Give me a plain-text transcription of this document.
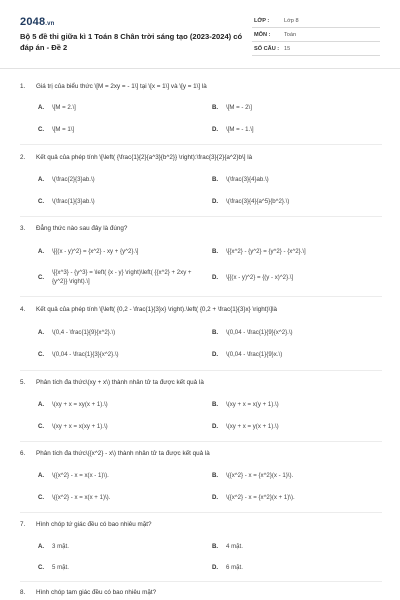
2048.vn
Bộ 5 đề thi giữa kì 1 Toán 8 Chân trời sáng tạo (2023-2024) có đáp án - Đề 2
LỚP :	Lớp 8
MÔN : Toán
SỐ CÂU : 15
1. Giá trị của biểu thức \[M = 2xy = - 1\] tại \[x = 1\] và \[y = 1\] là
A. \[M = 2.\]	B. \[M = - 2\]
C. \[M = 1\]	D. \[M = - 1.\]
2. Kết quả của phép tính \[\left( {\frac{1}{2}{a^3}{b^2}} \right):\frac{3}{2}{a^2}b\] là
A. \(\frac{2}{3}ab.\)	B. \(\frac{3}{4}ab.\)
C. \(\frac{1}{3}ab.\)	D. \(\frac{3}{4}{a^5}{b^2}.\)
3. Đẳng thức nào sau đây là đúng?
A. \[{(x - y)^2} = {x^2} - xy + {y^2}.\]	B. \[{x^2} - {y^2} = {y^2} - {x^2}.\]
C.
\[{x^3} - {y^3} = \left( {x - y} \right)\left( {{x^2} + 2xy + {y^2}} \right).\]
D. \[{(x - y)^2} = {(y - x)^2}.\]
4. Kết quả của phép tính \[\left( {0,2 - \frac{1}{3}x} \right).\left( {0,2 + \frac{1}{3}x} \right)\]là
A. \(0,4 - \frac{1}{9}{x^2}.\)	B. \(0,04 - \frac{1}{9}{x^2}.\)
C. \(0,04 - \frac{1}{3}{x^2}.\)	D. \(0,04 - \frac{1}{9}x.\)
5. Phân tích đa thức\(xy + x\) thành nhân tử ta được kết quả là
A. \(xy + x = xy(x + 1).\)	B. \(xy + x = x(y + 1).\)
C. \(xy + x = x(xy + 1).\)	D. \(xy + x = y(x + 1).\)
6. Phân tích đa thức\({x^2} - x\) thành nhân tử ta được kết quả là
A. \({x^2} - x = x(x - 1)\).	B. \({x^2} - x = {x^2}(x - 1)\).
C. \({x^2} - x = x(x + 1)\).	D. \({x^2} - x = {x^2}(x + 1)\).
7. Hình chóp tứ giác đều có bao nhiêu mặt?
A. 3 mặt.	B. 4 mặt.
C. 5 mặt.	D. 6 mặt.
8. Hình chóp tam giác đều có bao nhiêu mặt?
